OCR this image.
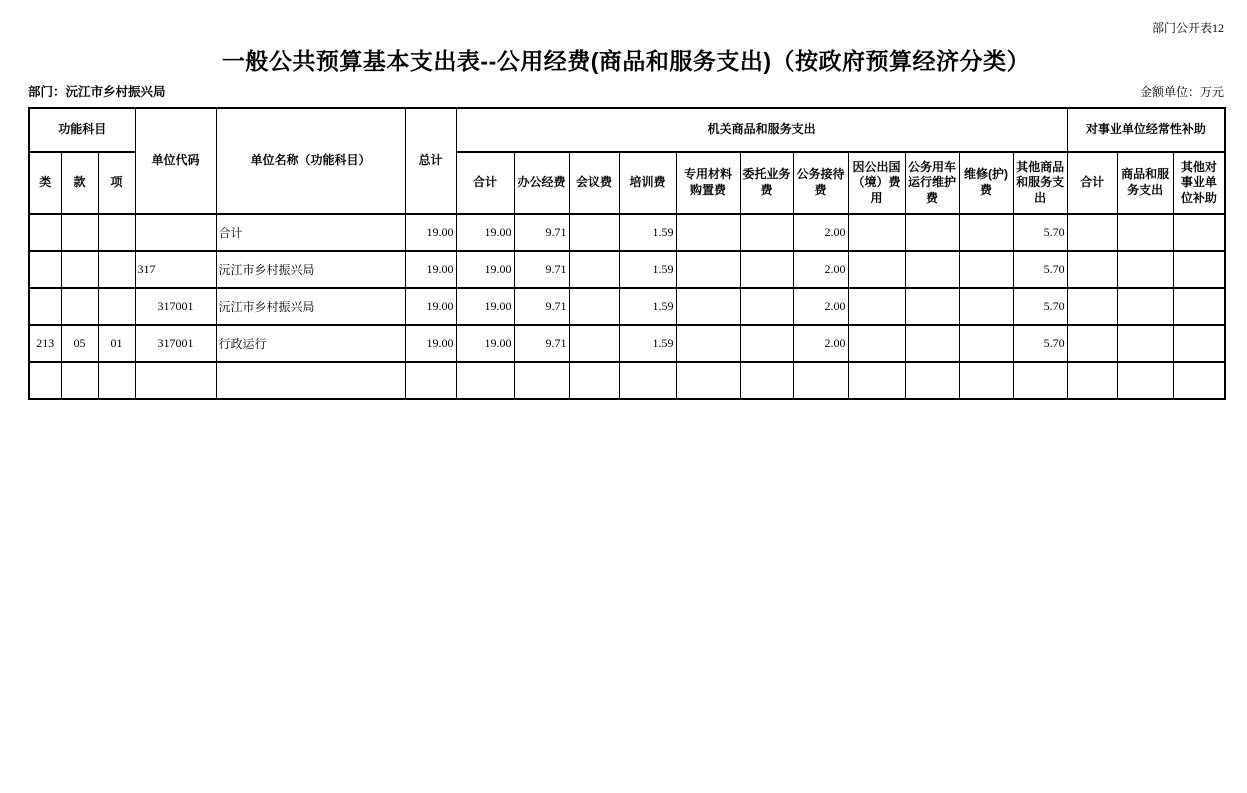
部门公开表12
一般公共预算基本支出表--公用经费(商品和服务支出)（按政府预算经济分类）
部门：沅江市乡村振兴局	金额单位：万元
功能科目			单位代码	单位名称（功能科目）	总计	机关商品和服务支出											对事业单位经常性补助		
类	款	项				合计	办公经费	会议费	培训费	专用材料购置费	委托业务费	公务接待费	因公出国（境）费用	公务用车运行维护费	维修(护)费	其他商品和服务支出	合计	商品和服务支出	其他对事业单位补助
				合计	19.00	19.00	9.71		1.59			2.00				5.70			
			317	沅江市乡村振兴局	19.00	19.00	9.71		1.59			2.00				5.70			
			317001	沅江市乡村振兴局	19.00	19.00	9.71		1.59			2.00				5.70			
213	05	01	317001	行政运行	19.00	19.00	9.71		1.59			2.00				5.70			
